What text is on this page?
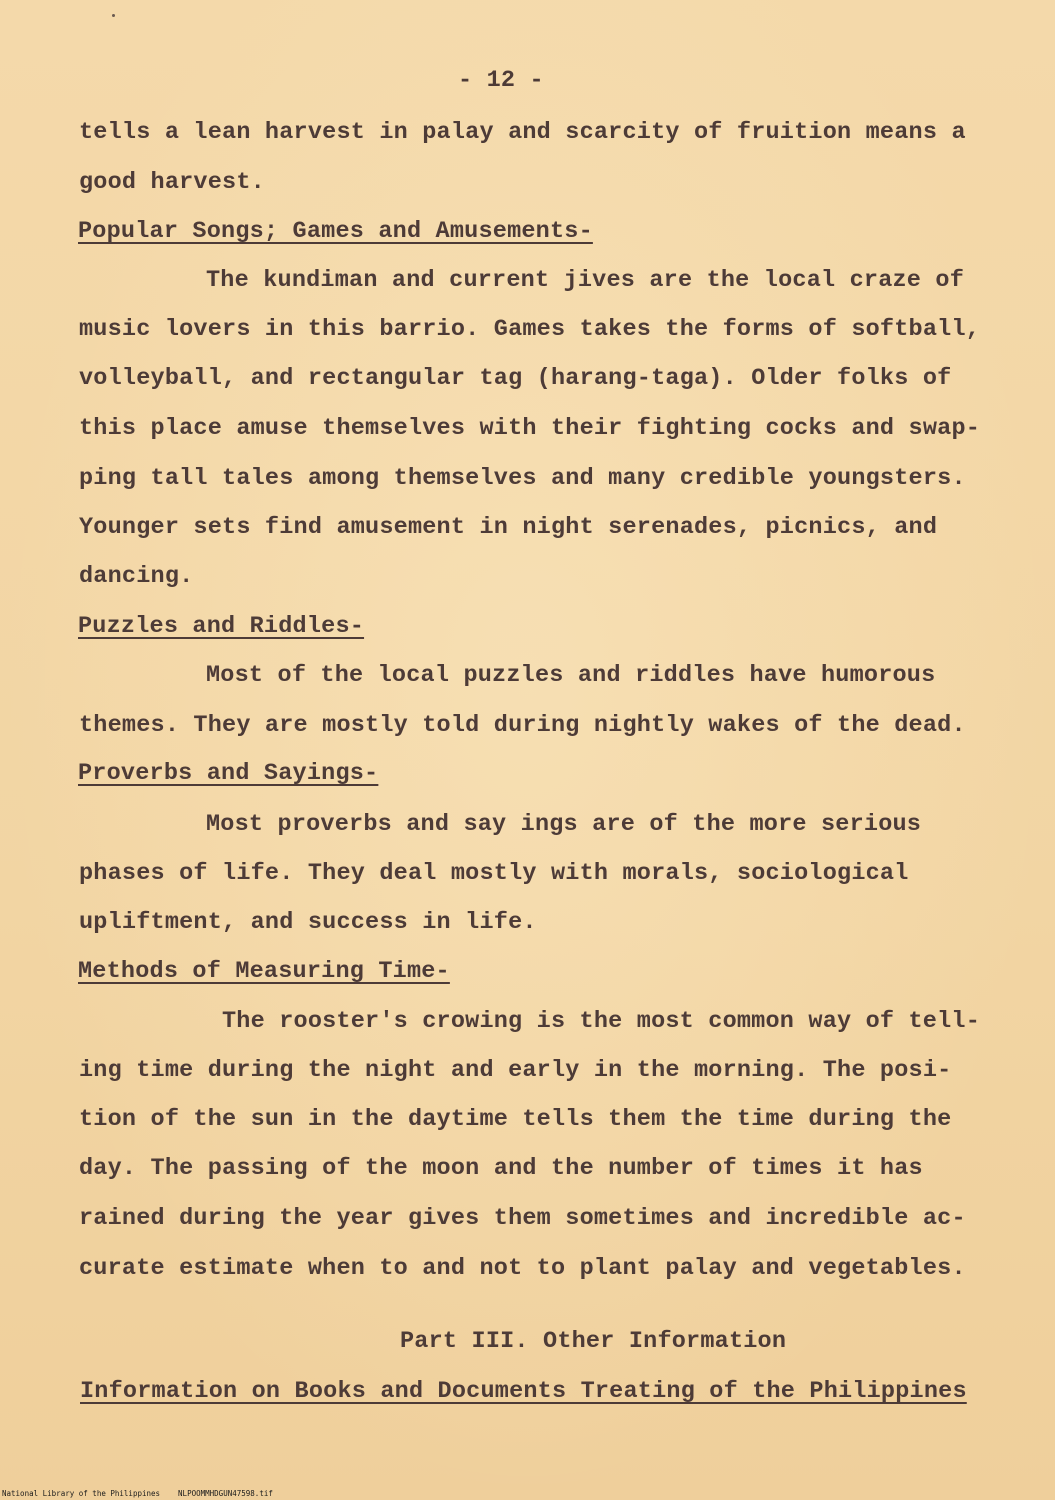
- 12 -
tells a lean harvest in palay and scarcity of fruition means a
good harvest.
Popular Songs; Games and Amusements-
The kundiman and current jives are the local craze of
music lovers in this barrio. Games takes the forms of softball,
volleyball, and rectangular tag (harang-taga). Older folks of
this place amuse themselves with their fighting cocks and swap-
ping tall tales among themselves and many credible youngsters.
Younger sets find amusement in night serenades, picnics, and
dancing.
Puzzles and Riddles-
Most of the local puzzles and riddles have humorous
themes. They are mostly told during nightly wakes of the dead.
Proverbs and Sayings-
Most proverbs and say ings are of the more serious
phases of life. They deal mostly with morals, sociological
upliftment, and success in life.
Methods of Measuring Time-
The rooster's crowing is the most common way of tell-
ing time during the night and early in the morning. The posi-
tion of the sun in the daytime tells them the time during the
day. The passing of the moon and the number of times it has
rained during the year gives them sometimes and incredible ac-
curate estimate when to and not to plant palay and vegetables.
Part III. Other Information
Information on Books and Documents Treating of the Philippines
National Library of the Philippines NLPOOMMHDGUN47598.tif
